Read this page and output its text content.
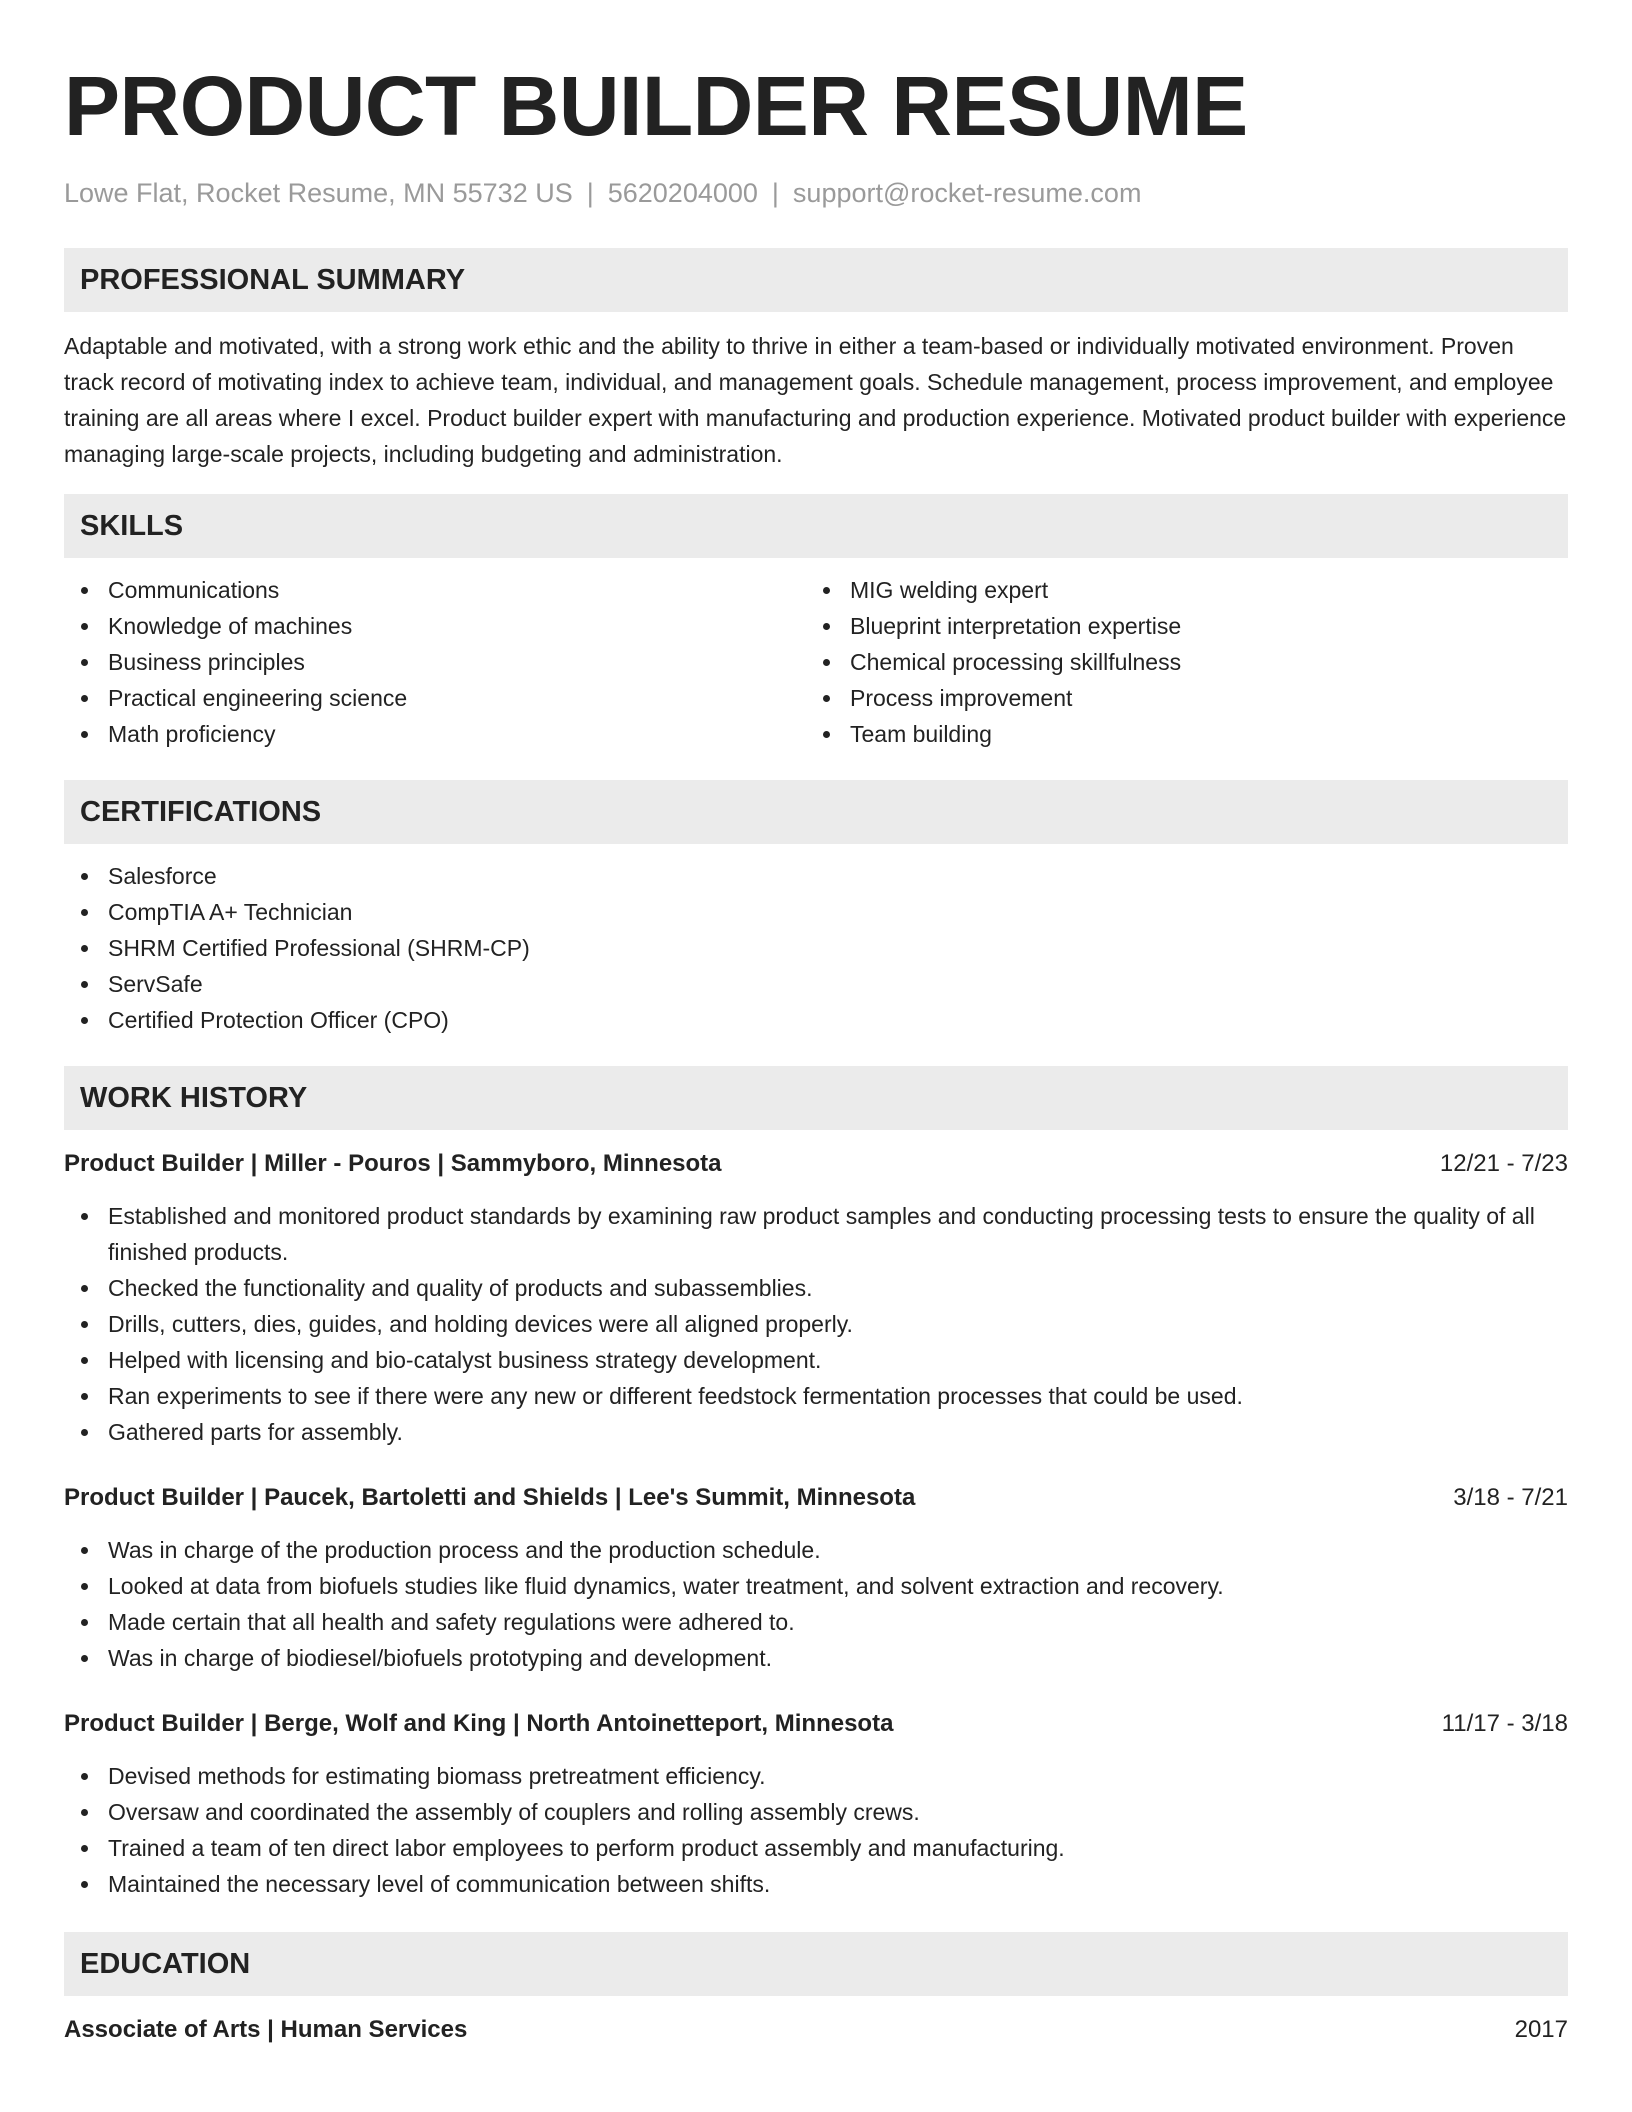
PRODUCT BUILDER RESUME
Lowe Flat, Rocket Resume, MN 55732 US | 5620204000 | support@rocket-resume.com
PROFESSIONAL SUMMARY

Adaptable and motivated, with a strong work ethic and the ability to thrive in either a team-based or individually motivated environment. Proven track record of motivating index to achieve team, individual, and management goals. Schedule management, process improvement, and employee training are all areas where I excel. Product builder expert with manufacturing and production experience. Motivated product builder with experience managing large-scale projects, including budgeting and administration.

SKILLS
Communications
Knowledge of machines
Business principles
Practical engineering science
Math proficiency
MIG welding expert
Blueprint interpretation expertise
Chemical processing skillfulness
Process improvement
Team building
CERTIFICATIONS
Salesforce
CompTIA A+ Technician
SHRM Certified Professional (SHRM-CP)
ServSafe
Certified Protection Officer (CPO)
WORK HISTORY
Product Builder | Miller - Pouros | Sammyboro, Minnesota	12/21 - 7/23
Established and monitored product standards by examining raw product samples and conducting processing tests to ensure the quality of all finished products.
Checked the functionality and quality of products and subassemblies.
Drills, cutters, dies, guides, and holding devices were all aligned properly.
Helped with licensing and bio-catalyst business strategy development.
Ran experiments to see if there were any new or different feedstock fermentation processes that could be used.
Gathered parts for assembly.
Product Builder | Paucek, Bartoletti and Shields | Lee's Summit, Minnesota	3/18 - 7/21
Was in charge of the production process and the production schedule.
Looked at data from biofuels studies like fluid dynamics, water treatment, and solvent extraction and recovery.
Made certain that all health and safety regulations were adhered to.
Was in charge of biodiesel/biofuels prototyping and development.
Product Builder | Berge, Wolf and King | North Antoinetteport, Minnesota	11/17 - 3/18
Devised methods for estimating biomass pretreatment efficiency.
Oversaw and coordinated the assembly of couplers and rolling assembly crews.
Trained a team of ten direct labor employees to perform product assembly and manufacturing.
Maintained the necessary level of communication between shifts.
EDUCATION
Associate of Arts | Human Services	2017
